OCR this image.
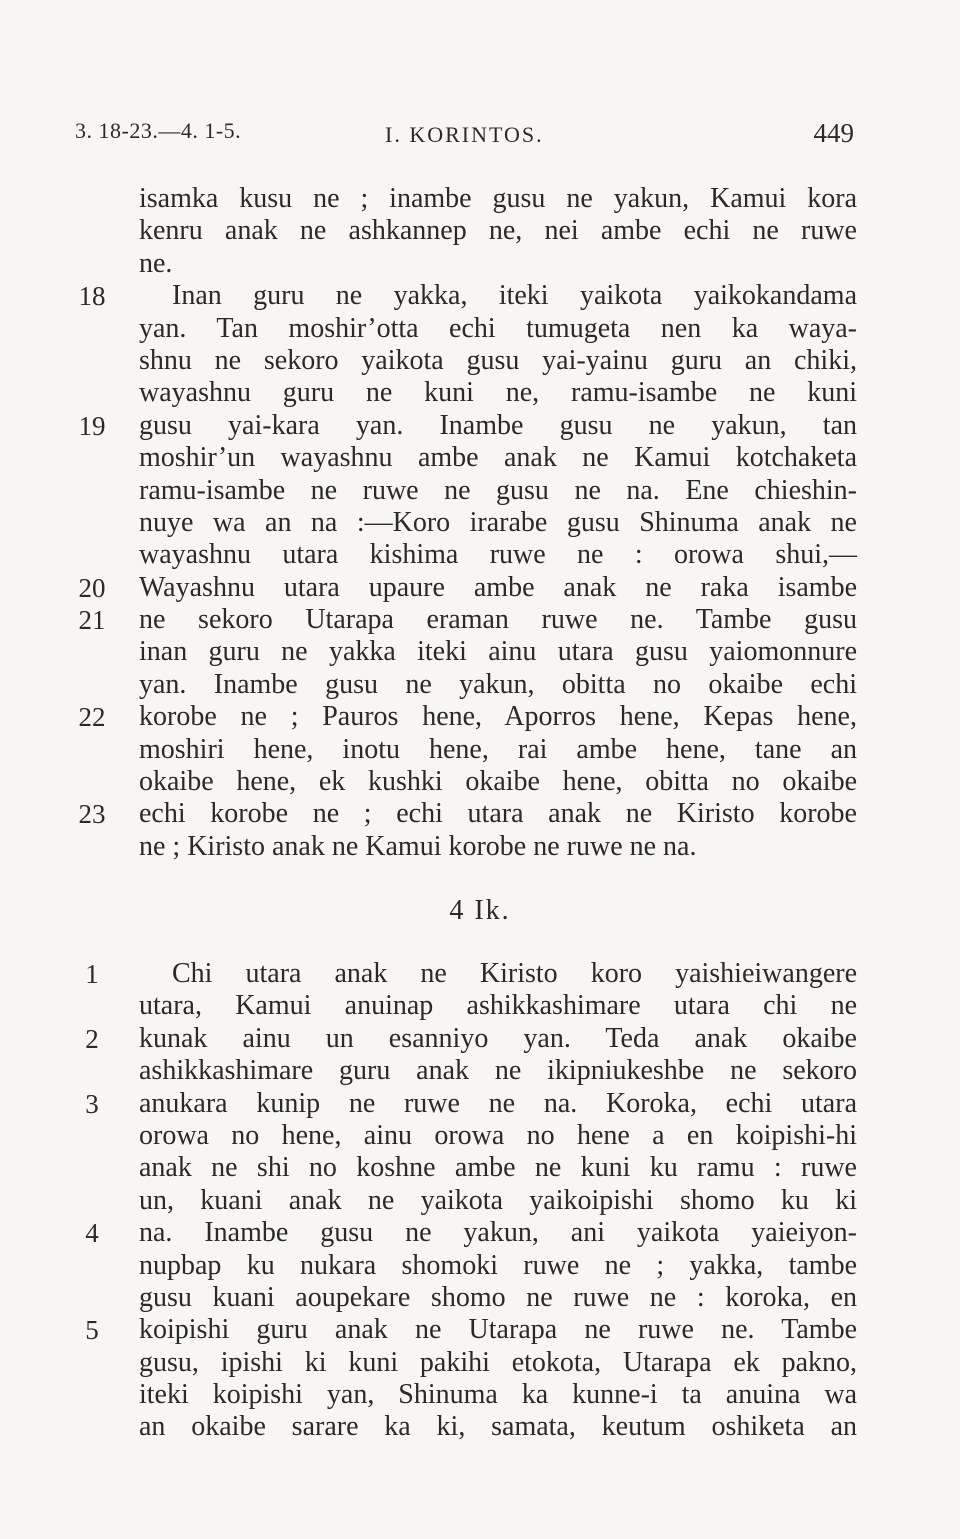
3. 18-23.—4. 1-5.	I. KORINTOS.	449
isamka kusu ne ; inambe gusu ne yakun, Kamui kora
kenru anak ne ashkannep ne, nei ambe echi ne ruwe
ne.
18 Inan guru ne yakka, iteki yaikota yaikokandama
yan. Tan moshir’otta echi tumugeta nen ka waya-
shnu ne sekoro yaikota gusu yai-yainu guru an chiki,
wayashnu guru ne kuni ne, ramu-isambe ne kuni
19 gusu yai-kara yan. Inambe gusu ne yakun, tan
moshir’un wayashnu ambe anak ne Kamui kotchaketa
ramu-isambe ne ruwe ne gusu ne na. Ene chieshin-
nuye wa an na :—Koro irarabe gusu Shinuma anak ne
wayashnu utara kishima ruwe ne : orowa shui,—
20 Wayashnu utara upaure ambe anak ne raka isambe
21 ne sekoro Utarapa eraman ruwe ne. Tambe gusu
inan guru ne yakka iteki ainu utara gusu yaiomonnure
yan. Inambe gusu ne yakun, obitta no okaibe echi
22 korobe ne ; Pauros hene, Aporros hene, Kepas hene,
moshiri hene, inotu hene, rai ambe hene, tane an
okaibe hene, ek kushki okaibe hene, obitta no okaibe
23 echi korobe ne ; echi utara anak ne Kiristo korobe
ne ; Kiristo anak ne Kamui korobe ne ruwe ne na.
4 Ik.
1	Chi utara anak ne Kiristo koro yaishieiwangere
utara, Kamui anuinap ashikkashimare utara chi ne
2	kunak ainu un esanniyo yan. Teda anak okaibe
ashikkashimare guru anak ne ikipniukeshbe ne sekoro
3	anukara kunip ne ruwe ne na. Koroka, echi utara
orowa no hene, ainu orowa no hene a en koipishi-hi
anak ne shi no koshne ambe ne kuni ku ramu : ruwe
un, kuani anak ne yaikota yaikoipishi shomo ku ki
4	na. Inambe gusu ne yakun, ani yaikota yaieiyon-
nupbap ku nukara shomoki ruwe ne ; yakka, tambe
gusu kuani aoupekare shomo ne ruwe ne : koroka, en
5	koipishi guru anak ne Utarapa ne ruwe ne. Tambe
gusu, ipishi ki kuni pakihi etokota, Utarapa ek pakno,
iteki koipishi yan, Shinuma ka kunne-i ta anuina wa
an okaibe sarare ka ki, samata, keutum oshiketa an
